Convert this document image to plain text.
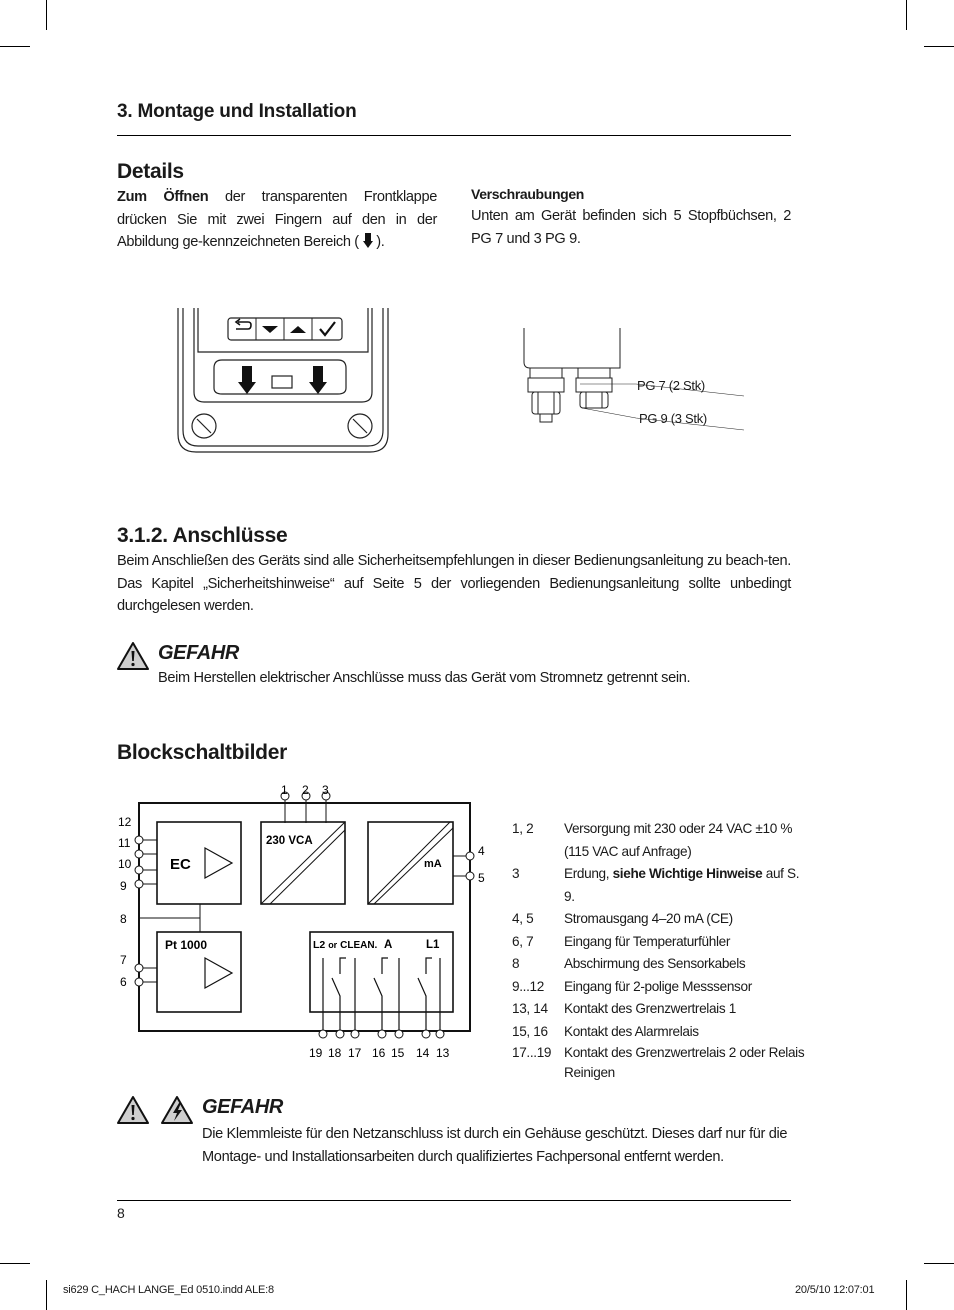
3. Montage und Installation
Details
Zum Öffnen der transparenten Frontklappe drücken Sie mit zwei Fingern auf den in der Abbildung ge-kennzeichneten Bereich (  ).
Verschraubungen
Unten am Gerät befinden sich 5 Stopfbüchsen, 2 PG 7 und 3 PG 9.
PG 7 (2 Stk)
PG 9 (3 Stk)
3.1.2. Anschlüsse
Beim Anschließen des Geräts sind alle Sicherheitsempfehlungen in dieser Bedienungsanleitung zu beach-ten. Das Kapitel „Sicherheitshinweise“ auf Seite 5 der vorliegenden Bedienungsanleitung sollte unbedingt durchgelesen werden.
GEFAHR
Beim Herstellen elektrischer Anschlüsse muss das Gerät vom Stromnetz getrennt sein.
Blockschaltbilder
1 2 3
12
11
10
9
8
7
6
4
5
EC
230 VCA
mA
Pt 1000	L2 or CLEAN. A	L1
19 18 17 16 15 14 13
1, 2	Versorgung mit 230 oder 24 VAC ±10 % (115 VAC auf Anfrage)
3	Erdung, siehe Wichtige Hinweise auf S. 9.
4, 5	Stromausgang 4–20 mA (CE)
6, 7	Eingang für Temperaturfühler
8	Abschirmung des Sensorkabels
9...12	Eingang für 2-polige Messsensor
13, 14	Kontakt des Grenzwertrelais 1
15, 16	Kontakt des Alarmrelais
17...19 Kontakt des Grenzwertrelais 2 oder Relais Reinigen
GEFAHR
Die Klemmleiste für den Netzanschluss ist durch ein Gehäuse geschützt. Dieses darf nur für die Montage- und Installationsarbeiten durch qualifiziertes Fachpersonal entfernt werden.
8
si629 C_HACH LANGE_Ed 0510.indd ALE:8	20/5/10 12:07:01
